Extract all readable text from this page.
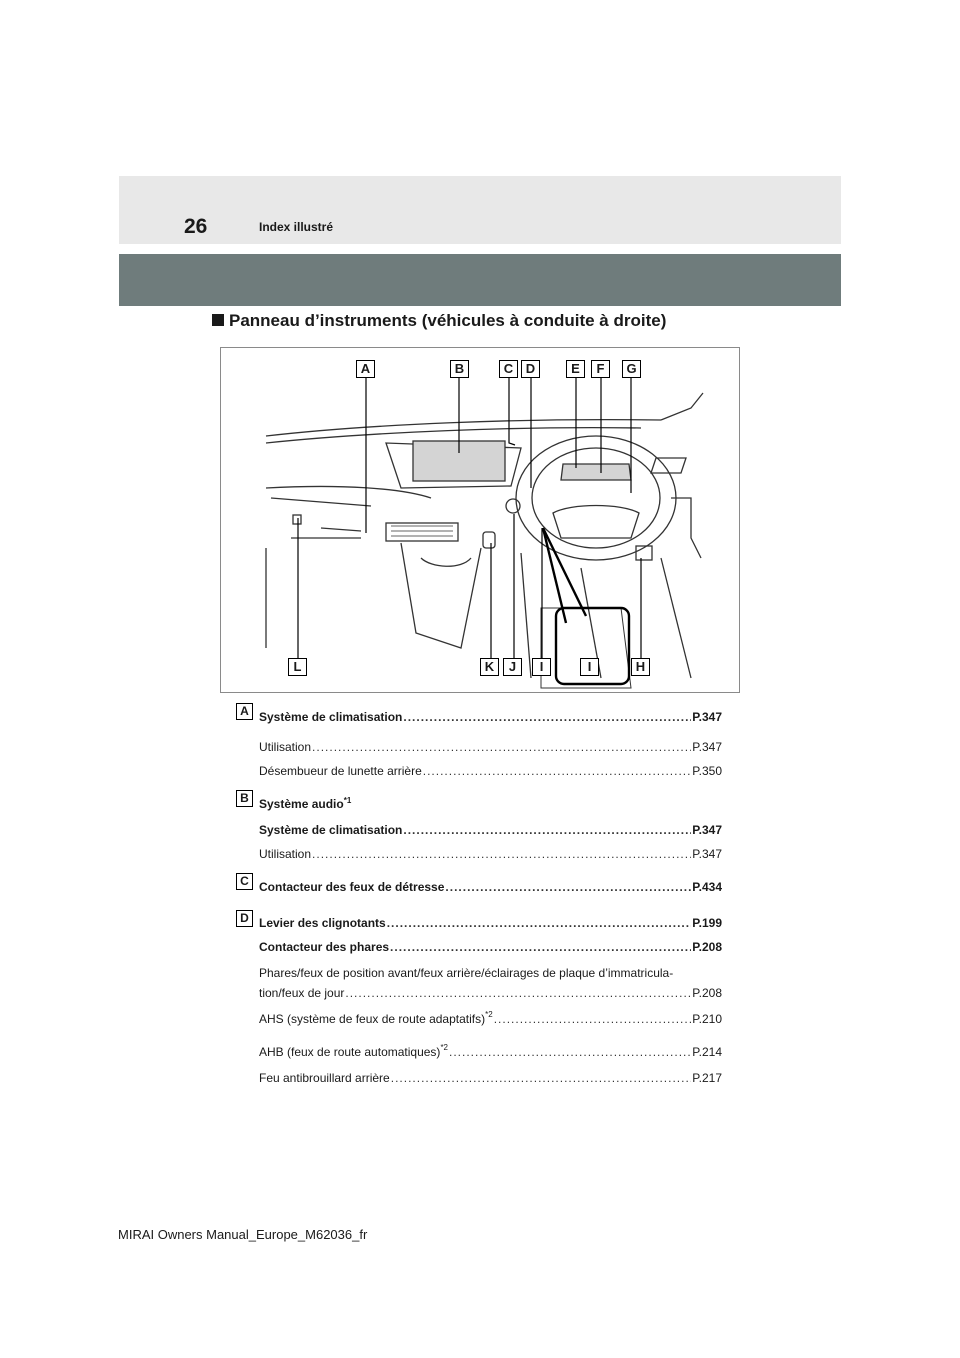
26	Index illustré
Panneau d’instruments (véhicules à conduite à droite)
A	B	C D	E	F	G
L	K	J	I	I	H
A Système de climatisation .....	P.347
Utilisation .....	P.347
Désembueur de lunette arrière .....	P.350
B Système audio$^{*1}$
Système de climatisation .....	P.347
Utilisation .....	P.347
C Contacteur des feux de détresse .....	P.434
D Levier des clignotants .....	P.199
Contacteur des phares .....	P.208
Phares/feux de position avant/feux arrière/éclairages de plaque d’immatricula-
tion/feux de jour .....	P.208
AHS (système de feux de route adaptatifs)$^{*2}$ .....	P.210
AHB (feux de route automatiques)$^{*2}$ .....	P.214
Feu antibrouillard arrière .....	P.217
MIRAI Owners Manual_Europe_M62036_fr
